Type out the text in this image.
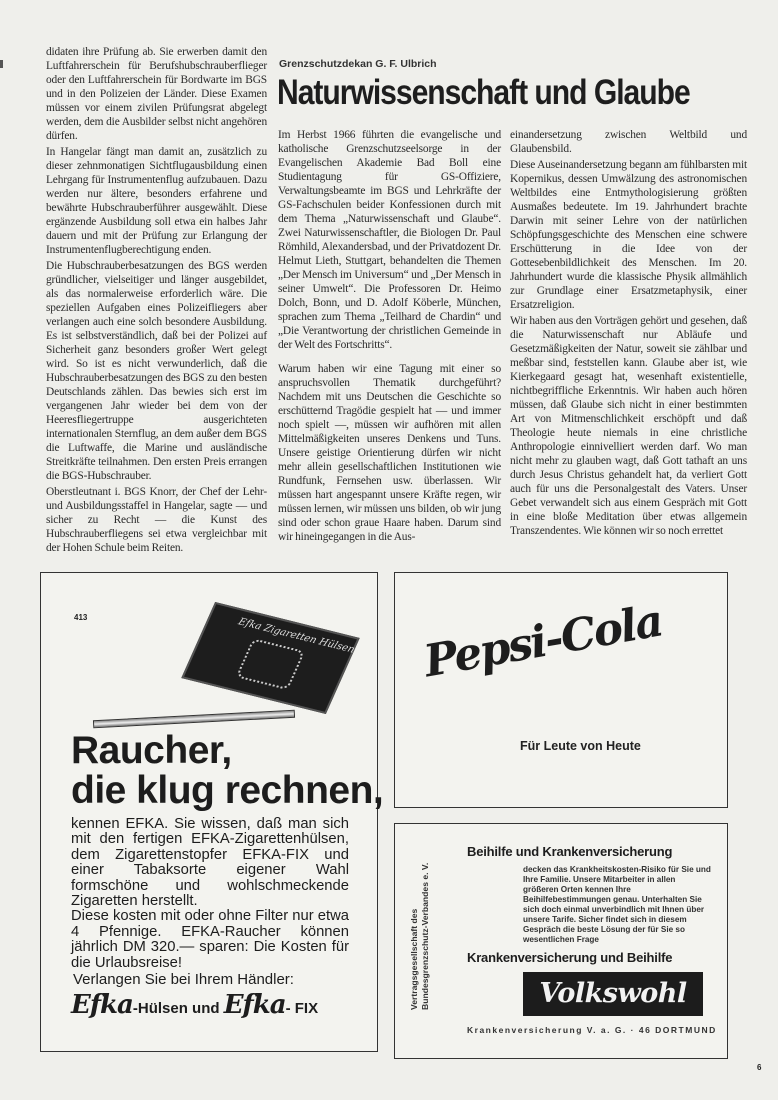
didaten ihre Prüfung ab. Sie erwerben damit den Luftfahrerschein für Berufshubschrauberflieger oder den Luftfahrerschein für Bordwarte im BGS und in den Polizeien der Länder. Diese Examen müssen vor einem zivilen Prüfungsrat abgelegt werden, dem die Ausbilder selbst nicht angehören dürfen.

In Hangelar fängt man damit an, zusätzlich zu dieser zehnmonatigen Sichtflugausbildung einen Lehrgang für Instrumentenflug aufzubauen. Dazu werden nur ältere, besonders erfahrene und bewährte Hubschrauberführer ausgewählt. Diese ergänzende Ausbildung soll etwa ein halbes Jahr dauern und mit der Prüfung zur Erlangung der Instrumentenflugberechtigung enden.

Die Hubschrauberbesatzungen des BGS werden gründlicher, vielseitiger und länger ausgebildet, als das normalerweise erforderlich wäre. Die speziellen Aufgaben eines Polizeifliegers aber verlangen auch eine solch besondere Ausbildung. Es ist selbstverständlich, daß bei der Polizei auf Sicherheit ganz besonders großer Wert gelegt wird. So ist es nicht verwunderlich, daß die Hubschrauberbesatzungen des BGS zu den besten Deutschlands zählen. Das bewies sich erst im vergangenen Jahr wieder bei dem von der Heeresfliegertruppe ausgerichteten internationalen Sternflug, an dem außer dem BGS die Luftwaffe, die Marine und ausländische Streitkräfte teilnahmen. Den ersten Preis errangen die BGS-Hubschrauber.

Oberstleutnant i. BGS Knorr, der Chef der Lehr- und Ausbildungsstaffel in Hangelar, sagte — und sicher zu Recht — die Kunst des Hubschrauberfliegens sei etwa vergleichbar mit der Hohen Schule beim Reiten.

Grenzschutzdekan G. F. Ulbrich
Naturwissenschaft und Glaube

Im Herbst 1966 führten die evangelische und katholische Grenzschutzseelsorge in der Evangelischen Akademie Bad Boll eine Studientagung für GS-Offiziere, Verwaltungsbeamte im BGS und Lehrkräfte der GS-Fachschulen beider Konfessionen durch mit dem Thema „Naturwissenschaft und Glaube“. Zwei Naturwissenschaftler, die Biologen Dr. Paul Römhild, Alexandersbad, und der Privatdozent Dr. Helmut Lieth, Stuttgart, behandelten die Themen „Der Mensch im Universum“ und „Der Mensch in seiner Umwelt“. Die Professoren Dr. Heimo Dolch, Bonn, und D. Adolf Köberle, München, sprachen zum Thema „Teilhard de Chardin“ und „Die Verantwortung der christlichen Gemeinde in der Welt des Fortschritts“.

Warum haben wir eine Tagung mit einer so anspruchsvollen Thematik durchgeführt? Nachdem mit uns Deutschen die Geschichte so erschütternd Tragödie gespielt hat — und immer noch spielt —, müssen wir aufhören mit allen Mittelmäßigkeiten unseres Denkens und Tuns. Unsere geistige Orientierung dürfen wir nicht mehr allein gesellschaftlichen Institutionen wie Rundfunk, Fernsehen usw. überlassen. Wir müssen hart angespannt unsere Kräfte regen, wir müssen lernen, wir müssen uns bilden, ob wir jung sind oder schon graue Haare haben. Darum sind wir hineingegangen in die Aus-

einandersetzung zwischen Weltbild und Glaubensbild.

Diese Auseinandersetzung begann am fühlbarsten mit Kopernikus, dessen Umwälzung des astronomischen Weltbildes eine Entmythologisierung größten Ausmaßes bedeutete. Im 19. Jahrhundert brachte Darwin mit seiner Lehre von der natürlichen Schöpfungsgeschichte des Menschen eine schwere Erschütterung in die Idee von der Gottesebenbildlichkeit des Menschen. Im 20. Jahrhundert wurde die klassische Physik allmählich zur Grundlage einer Ersatzmetaphysik, einer Ersatzreligion.

Wir haben aus den Vorträgen gehört und gesehen, daß die Naturwissenschaft nur Abläufe und Gesetzmäßigkeiten der Natur, soweit sie zählbar und meßbar sind, feststellen kann. Glaube aber ist, wie Kierkegaard gesagt hat, wesenhaft existentielle, nichtbegriffliche Erkenntnis. Wir haben auch hören müssen, daß Glaube sich nicht in einer bestimmten Art von Mitmenschlichkeit erschöpft und daß Theologie heute niemals in eine christliche Anthropologie einnivelliert werden darf. Wo man nicht mehr zu glauben wagt, daß Gott tathaft an uns durch Jesus Christus gehandelt hat, da verliert Gott auch für uns die Personalgestalt des Vaters. Unser Gebet verwandelt sich aus einem Gespräch mit Gott in eine bloße Meditation über etwas allgemein Transzendentes. Wie können wir so noch errettet

413	Efka Zigaretten Hülsen
Raucher,
die klug rechnen,

kennen EFKA. Sie wissen, daß man sich mit den fertigen EFKA-Zigarettenhülsen, dem Zigarettenstopfer EFKA-FIX und einer Tabaksorte eigener Wahl formschöne und wohlschmeckende Zigaretten herstellt.

Diese kosten mit oder ohne Filter nur etwa 4 Pfennige. EFKA-Raucher können jährlich DM 320.— sparen: Die Kosten für die Urlaubsreise!

Verlangen Sie bei Ihrem Händler:
Efka-Hülsen und Efka- FIX
Pepsi-Cola
Für Leute von Heute
Vertragsgesellschaft des Bundesgrenzschutz-Verbandes e. V.
Beihilfe und Krankenversicherung
decken das Krankheitskosten-Risiko für Sie und Ihre Familie. Unsere Mitarbeiter in allen größeren Orten kennen Ihre Beihilfebestimmungen genau. Unterhalten Sie sich doch einmal unverbindlich mit Ihnen über unsere Tarife. Sicher findet sich in diesem Gespräch die beste Lösung der für Sie so wesentlichen Frage
Krankenversicherung und Beihilfe
Volkswohl
Krankenversicherung V. a. G. · 46 DORTMUND
6
